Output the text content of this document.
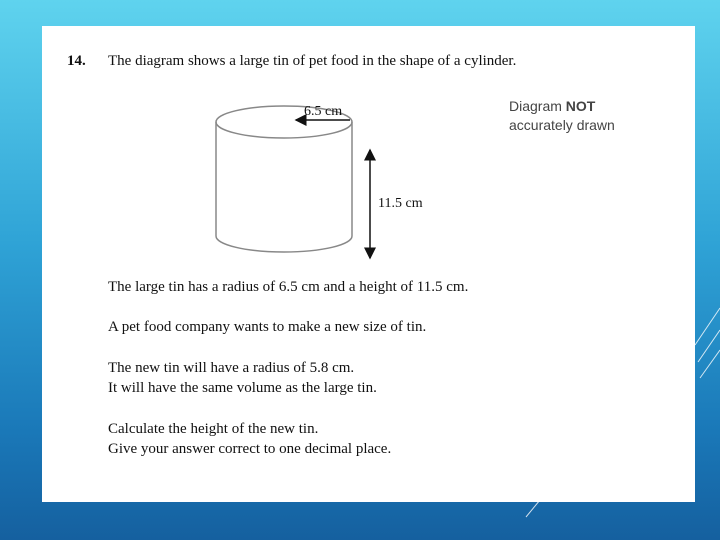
14. The diagram shows a large tin of pet food in the shape of a cylinder.
6.5 cm
11.5 cm
Diagram NOT
accurately drawn
The large tin has a radius of 6.5 cm and a height of 11.5 cm.
A pet food company wants to make a new size of tin.
The new tin will have a radius of 5.8 cm.
It will have the same volume as the large tin.
Calculate the height of the new tin.
Give your answer correct to one decimal place.
